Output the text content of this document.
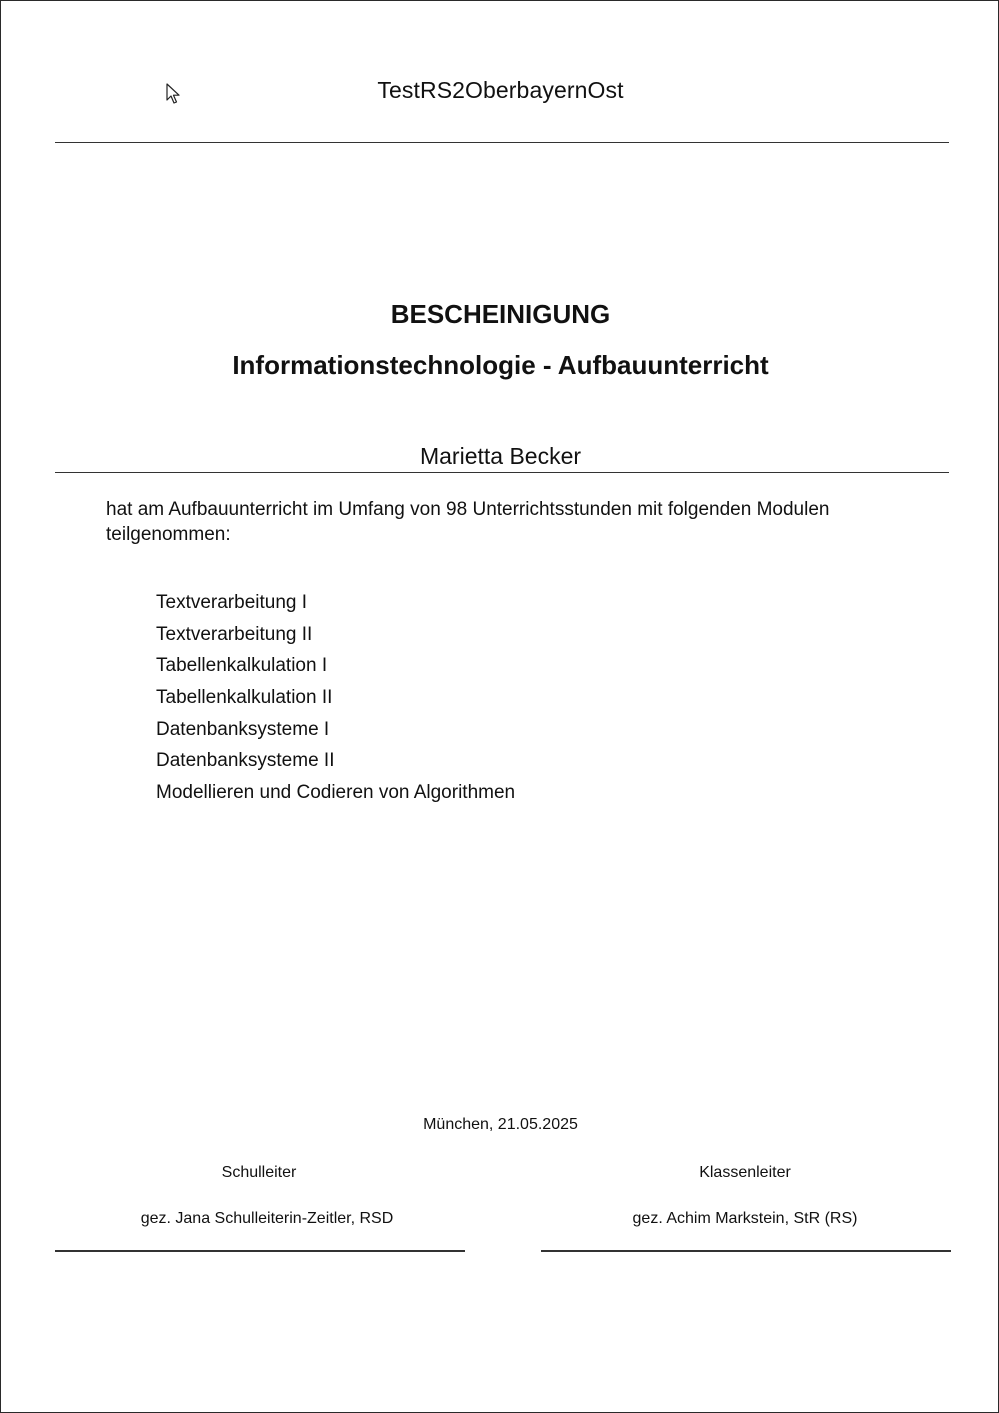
TestRS2OberbayernOst
BESCHEINIGUNG
Informationstechnologie - Aufbauunterricht
Marietta Becker
hat am Aufbauunterricht im Umfang von 98 Unterrichtsstunden mit folgenden Modulen teilgenommen:
Textverarbeitung I
Textverarbeitung II
Tabellenkalkulation I
Tabellenkalkulation II
Datenbanksysteme I
Datenbanksysteme II
Modellieren und Codieren von Algorithmen
München, 21.05.2025
Schulleiter	Klassenleiter
gez. Jana Schulleiterin-Zeitler, RSD	gez. Achim Markstein, StR (RS)
